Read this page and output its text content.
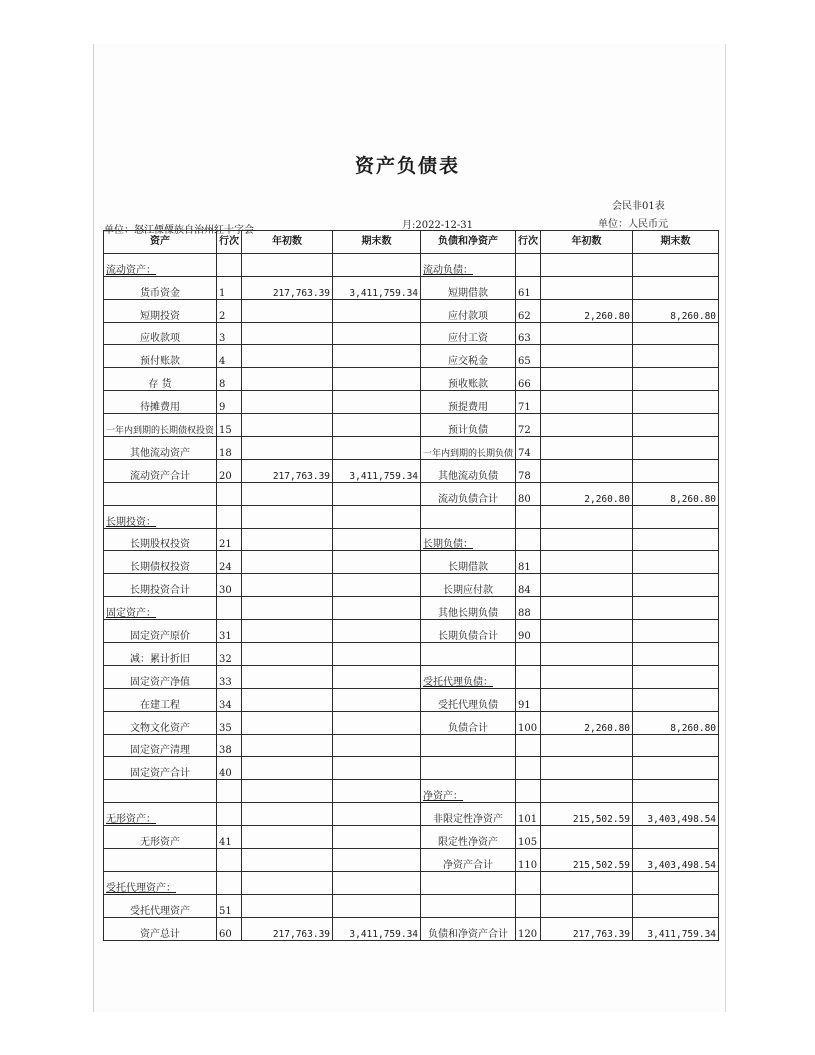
资产负债表
会民非01表
单位：怒江傈僳族自治州红十字会	月:2022-12-31	单位：人民币元
资产	行次	年初数	期末数	负债和净资产	行次	年初数	期末数
流动资产：				流动负债：			
货币资金	1	217,763.39	3,411,759.34	短期借款	61		
短期投资	2			应付款项	62	2,260.80	8,260.80
应收款项	3			应付工资	63		
预付账款	4			应交税金	65		
存 货	8			预收账款	66		
待摊费用	9			预提费用	71		
一年内到期的长期债权投资	15			预计负债	72		
其他流动资产	18			一年内到期的长期负债	74		
流动资产合计	20	217,763.39	3,411,759.34	其他流动负债	78		
				流动负债合计	80	2,260.80	8,260.80
长期投资：							
长期股权投资	21			长期负债：			
长期债权投资	24			长期借款	81		
长期投资合计	30			长期应付款	84		
固定资产：				其他长期负债	88		
固定资产原价	31			长期负债合计	90		
减：累计折旧	32						
固定资产净值	33			受托代理负债：			
在建工程	34			受托代理负债	91		
文物文化资产	35			负债合计	100	2,260.80	8,260.80
固定资产清理	38						
固定资产合计	40						
				净资产：			
无形资产：				非限定性净资产	101	215,502.59	3,403,498.54
无形资产	41			限定性净资产	105		
				净资产合计	110	215,502.59	3,403,498.54
受托代理资产：							
受托代理资产	51						
资产总计	60	217,763.39	3,411,759.34	负债和净资产合计	120	217,763.39	3,411,759.34
